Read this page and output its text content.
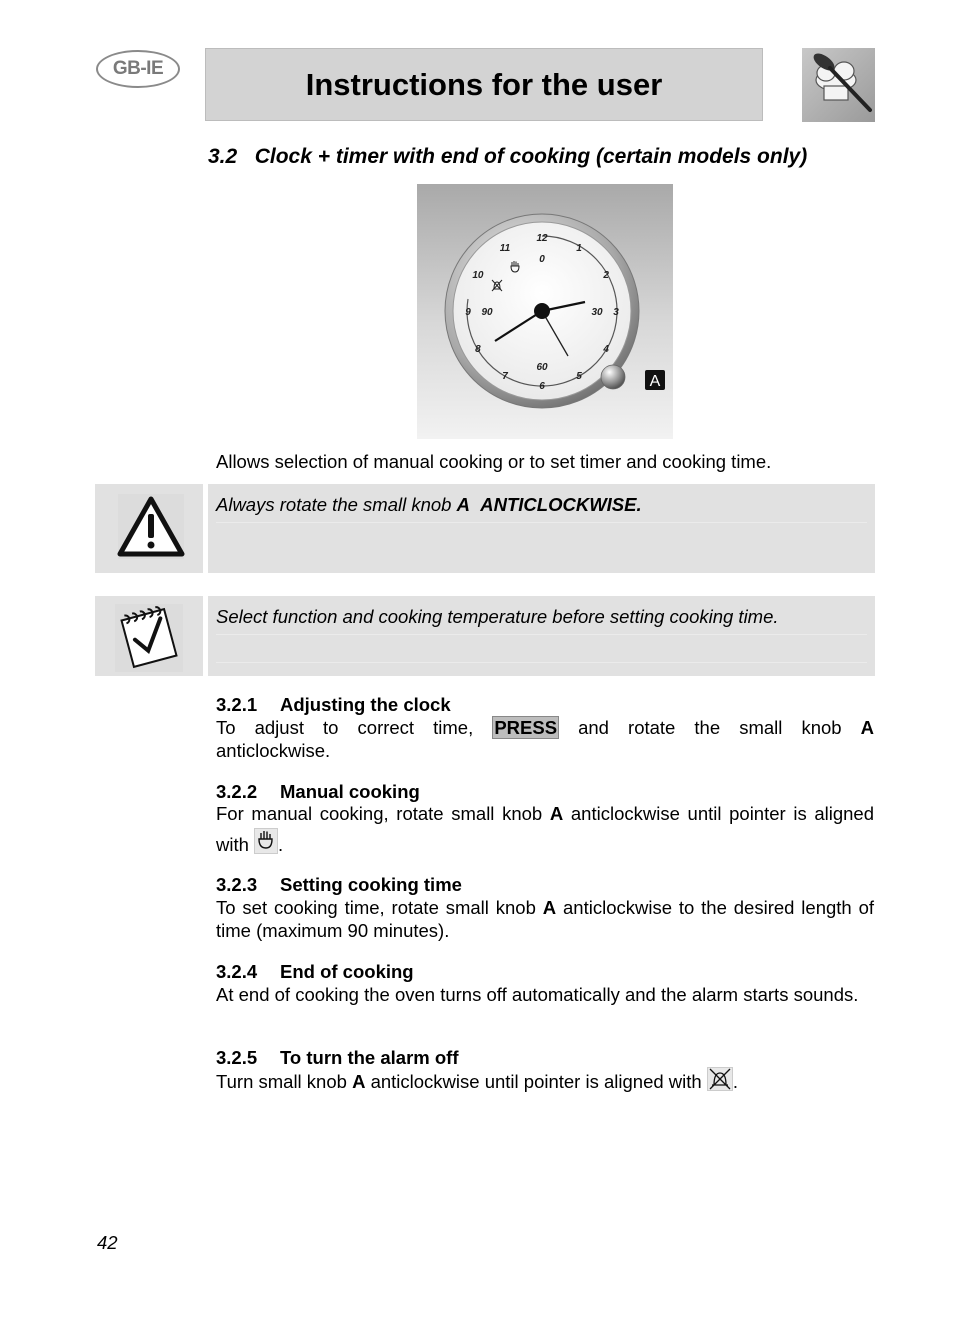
GB-IE	Instructions for the user
3.2 Clock + timer with end of cooking (certain models only)
12
1
2
3
4
5
6
7
8
9
10
11
0
30
60
90
A
Allows selection of manual cooking or to set timer and cooking time.
Always rotate the small knob A ANTICLOCKWISE.
Select function and cooking temperature before setting cooking time.
3.2.1 Adjusting the clock

To adjust to correct time, PRESS and rotate the small knob A

anticlockwise.

3.2.2 Manual cooking

For manual cooking, rotate small knob A anticlockwise until pointer is aligned with .

3.2.3 Setting cooking time

To set cooking time, rotate small knob A anticlockwise to the desired length of time (maximum 90 minutes).

3.2.4 End of cooking

At end of cooking the oven turns off automatically and the alarm starts sounds.

3.2.5 To turn the alarm off

Turn small knob A anticlockwise until pointer is aligned with .

42
